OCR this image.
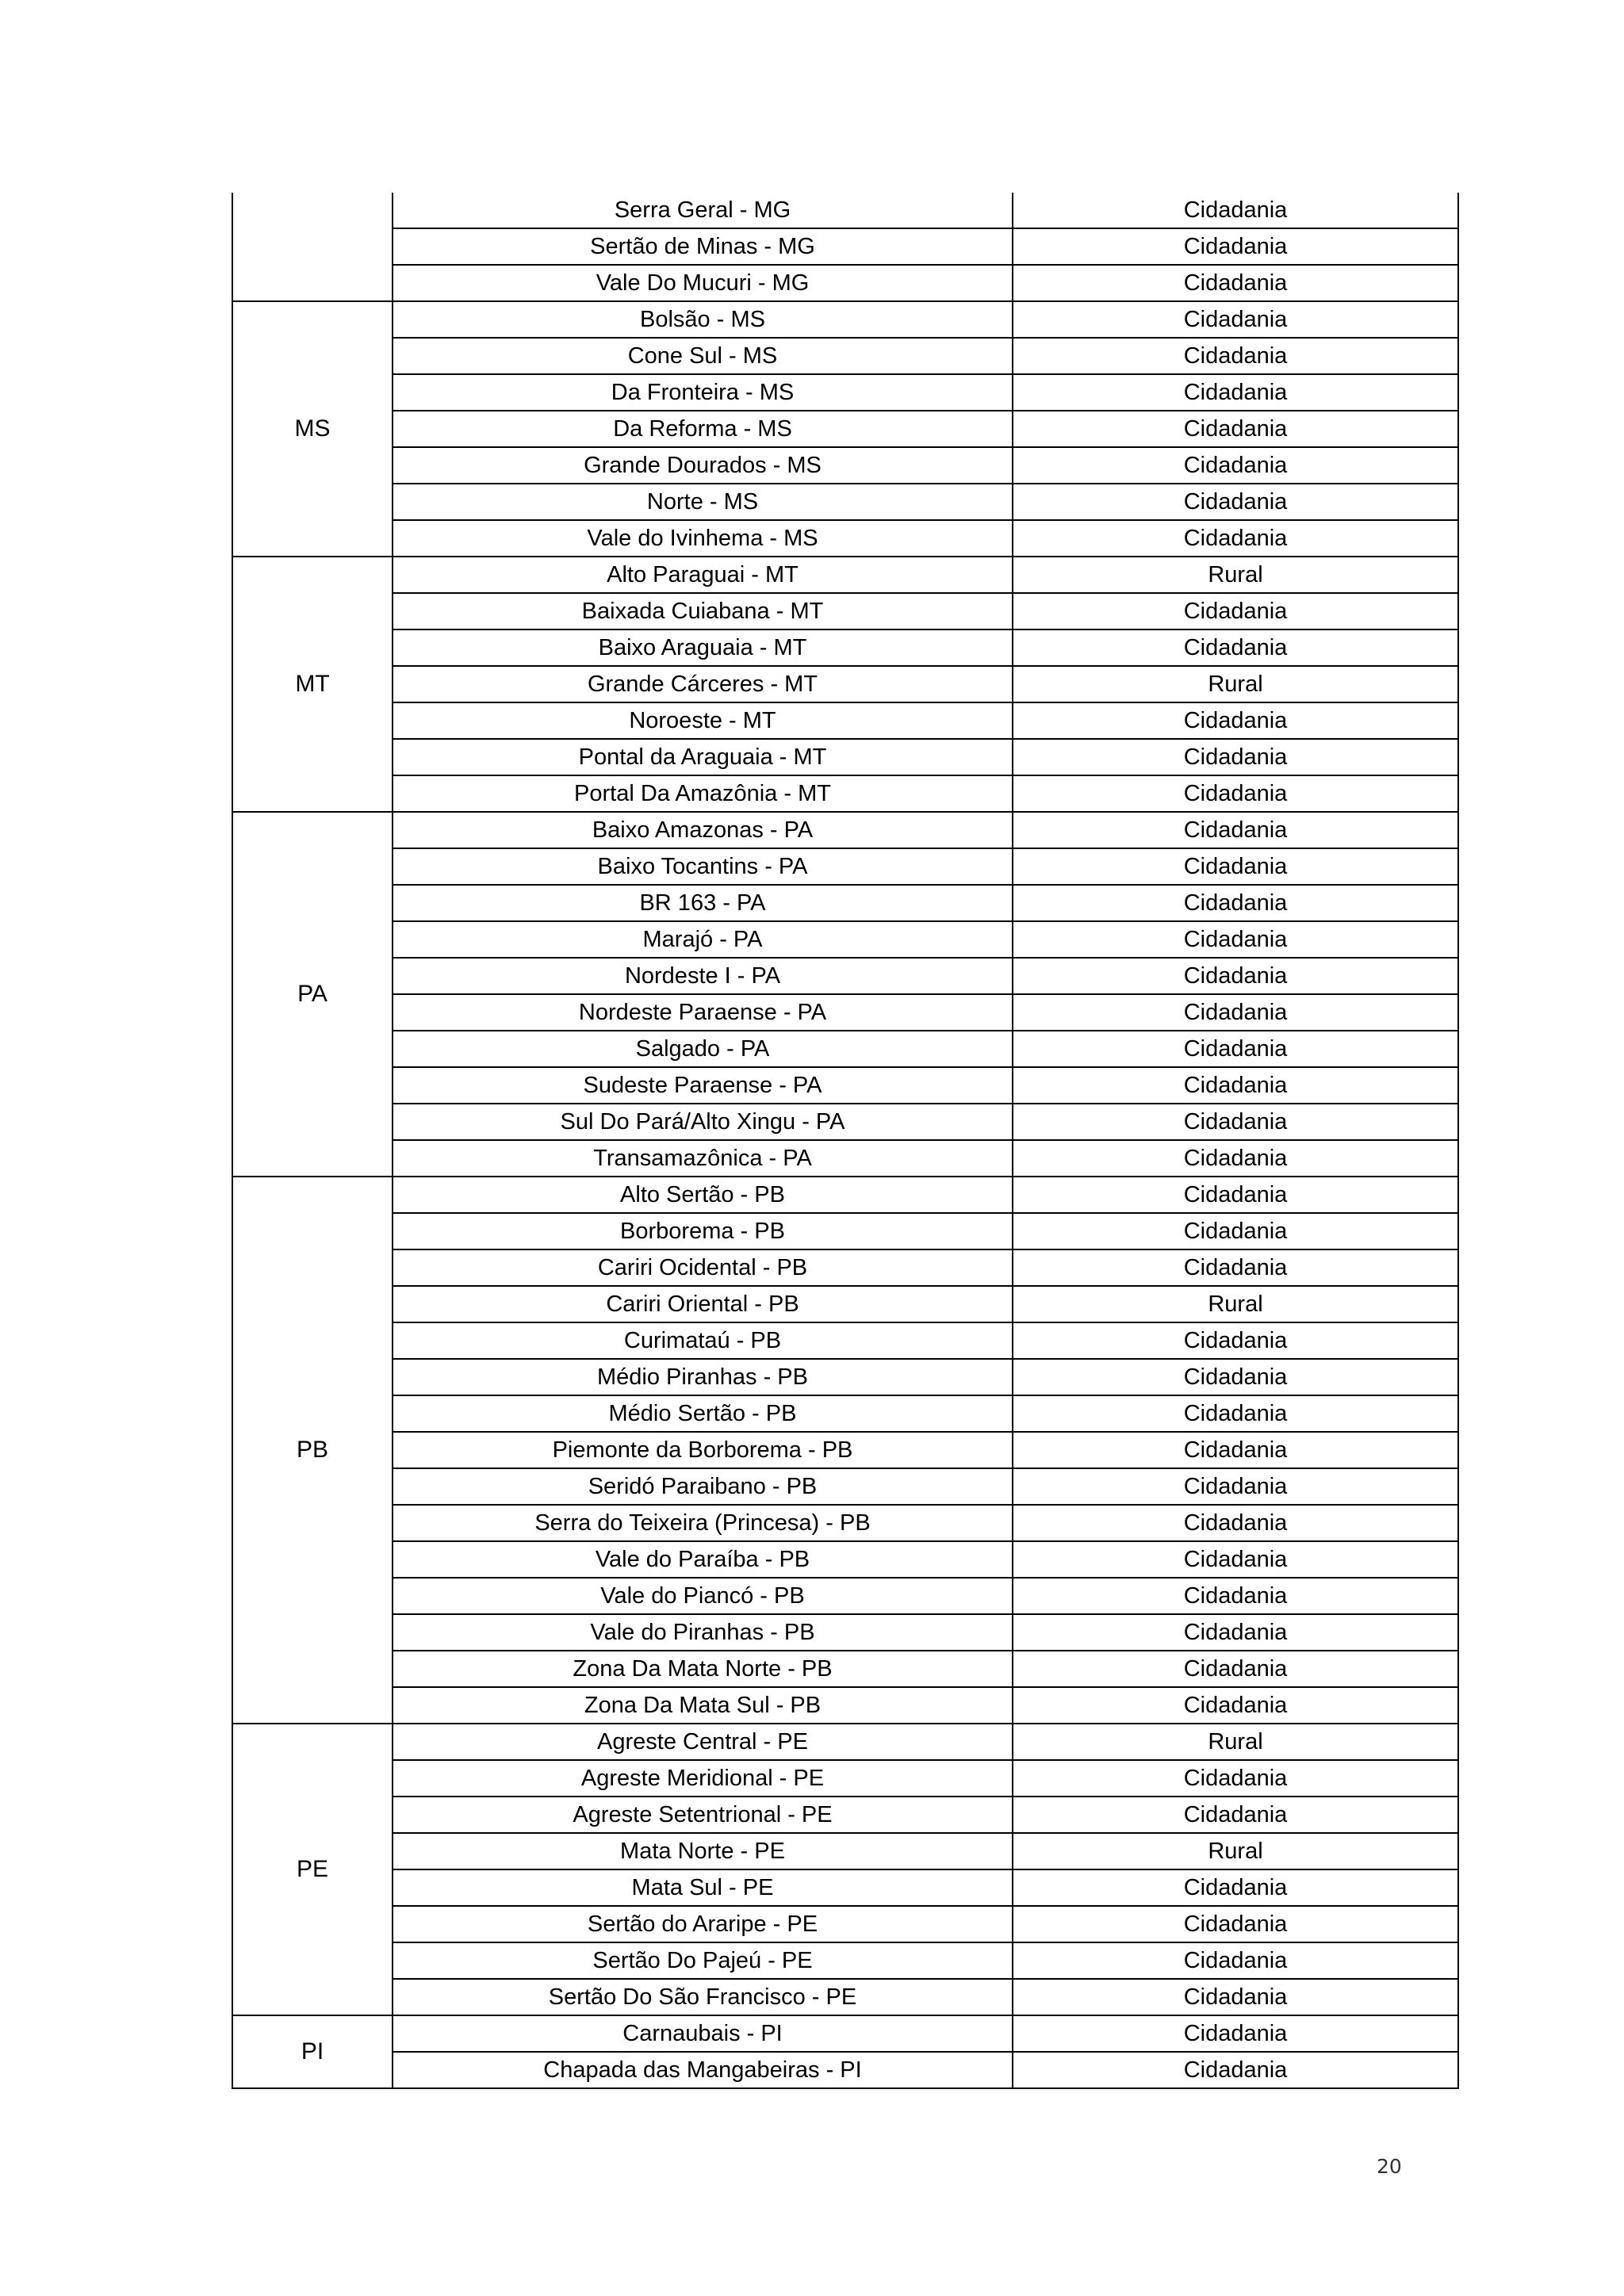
	Serra Geral - MG	Cidadania
	Sertão de Minas - MG	Cidadania
	Vale Do Mucuri - MG	Cidadania
MS	Bolsão - MS	Cidadania
	Cone Sul - MS	Cidadania
	Da Fronteira - MS	Cidadania
	Da Reforma - MS	Cidadania
	Grande Dourados - MS	Cidadania
	Norte - MS	Cidadania
	Vale do Ivinhema - MS	Cidadania
MT	Alto Paraguai - MT	Rural
	Baixada Cuiabana - MT	Cidadania
	Baixo Araguaia - MT	Cidadania
	Grande Cárceres - MT	Rural
	Noroeste - MT	Cidadania
	Pontal da Araguaia - MT	Cidadania
	Portal Da Amazônia - MT	Cidadania
PA	Baixo Amazonas - PA	Cidadania
	Baixo Tocantins - PA	Cidadania
	BR 163 - PA	Cidadania
	Marajó - PA	Cidadania
	Nordeste I - PA	Cidadania
	Nordeste Paraense - PA	Cidadania
	Salgado - PA	Cidadania
	Sudeste Paraense - PA	Cidadania
	Sul Do Pará/Alto Xingu - PA	Cidadania
	Transamazônica - PA	Cidadania
PB	Alto Sertão - PB	Cidadania
	Borborema - PB	Cidadania
	Cariri Ocidental - PB	Cidadania
	Cariri Oriental - PB	Rural
	Curimataú - PB	Cidadania
	Médio Piranhas - PB	Cidadania
	Médio Sertão - PB	Cidadania
	Piemonte da Borborema - PB	Cidadania
	Seridó Paraibano - PB	Cidadania
	Serra do Teixeira (Princesa) - PB	Cidadania
	Vale do Paraíba - PB	Cidadania
	Vale do Piancó - PB	Cidadania
	Vale do Piranhas - PB	Cidadania
	Zona Da Mata Norte - PB	Cidadania
	Zona Da Mata Sul - PB	Cidadania
PE	Agreste Central - PE	Rural
	Agreste Meridional - PE	Cidadania
	Agreste Setentrional - PE	Cidadania
	Mata Norte - PE	Rural
	Mata Sul - PE	Cidadania
	Sertão do Araripe - PE	Cidadania
	Sertão Do Pajeú - PE	Cidadania
	Sertão Do São Francisco - PE	Cidadania
PI	Carnaubais - PI	Cidadania
	Chapada das Mangabeiras - PI	Cidadania
20
